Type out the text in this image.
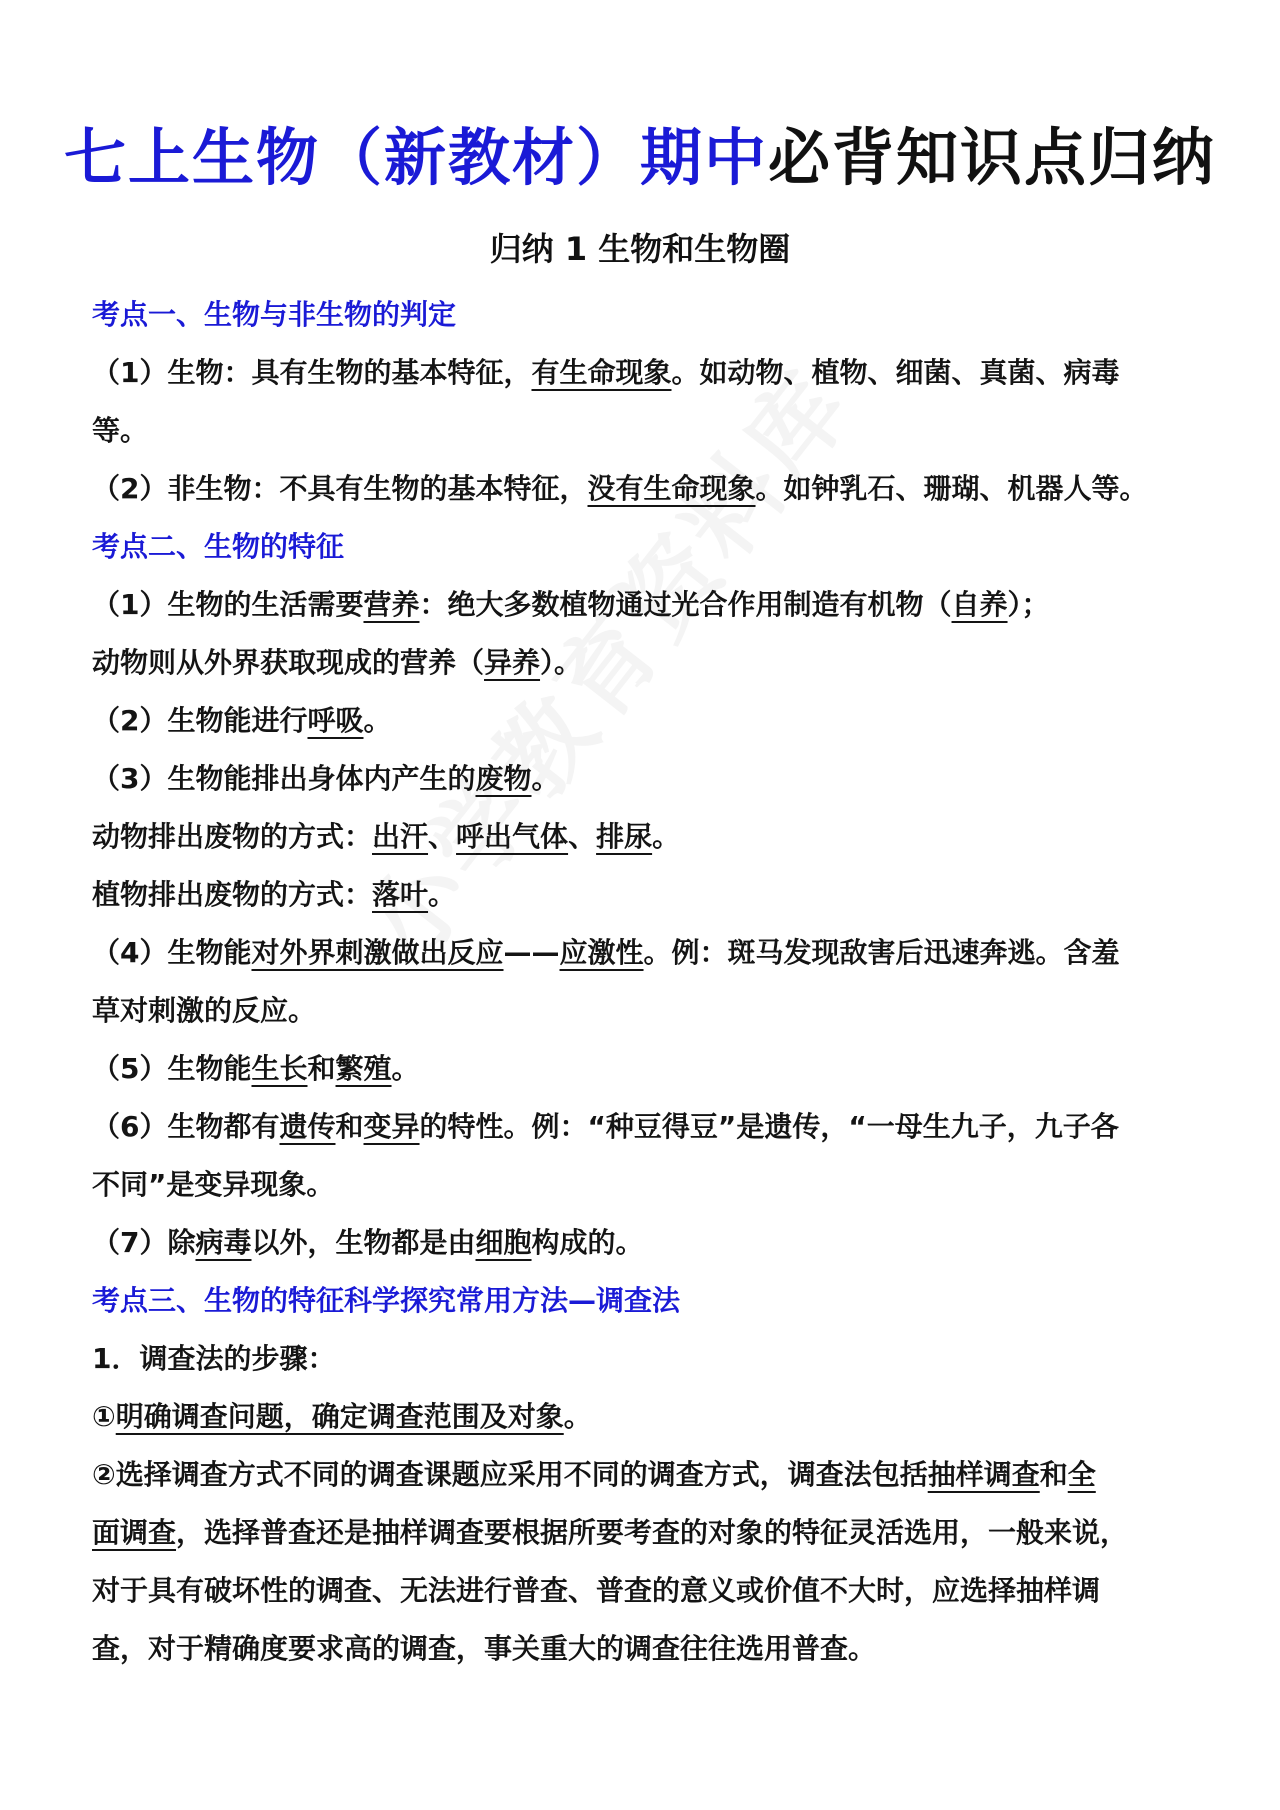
七上生物（新教材）期中必背知识点归纳
归纳 1 生物和生物圈
考点一、生物与非生物的判定
（1）生物：具有生物的基本特征，有生命现象。如动物、植物、细菌、真菌、病毒
等。
（2）非生物：不具有生物的基本特征，没有生命现象。如钟乳石、珊瑚、机器人等。
考点二、生物的特征
（1）生物的生活需要营养：绝大多数植物通过光合作用制造有机物（自养）；
动物则从外界获取现成的营养（异养）。
（2）生物能进行呼吸。
（3）生物能排出身体内产生的废物。
动物排出废物的方式：出汗、呼出气体、排尿。
植物排出废物的方式：落叶。
（4）生物能对外界刺激做出反应——应激性。例：斑马发现敌害后迅速奔逃。含羞
草对刺激的反应。
（5）生物能生长和繁殖。
（6）生物都有遗传和变异的特性。例：“种豆得豆”是遗传，“一母生九子，九子各
不同”是变异现象。
（7）除病毒以外，生物都是由细胞构成的。
考点三、生物的特征科学探究常用方法—调查法
1．调查法的步骤：
①明确调查问题，确定调查范围及对象。
②选择调查方式不同的调查课题应采用不同的调查方式，调查法包括抽样调查和全
面调查，选择普查还是抽样调查要根据所要考查的对象的特征灵活选用，一般来说，
对于具有破坏性的调查、无法进行普查、普查的意义或价值不大时，应选择抽样调
查，对于精确度要求高的调查，事关重大的调查往往选用普查。
